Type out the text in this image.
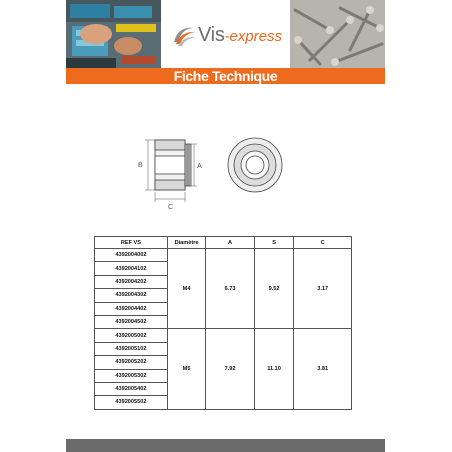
Vis-express
Fiche Technique
B	A
C
REF VS	Diamètre	A	S	C
4392004002	M4	6.73	9.52	3.17
4392004102				
4392004202				
4392004302				
4392004402				
4392004502				
4392005002	M5	7.92	11.10	3.81
4392005102				
4392005202				
4392005302				
4392005402				
4392005502				
